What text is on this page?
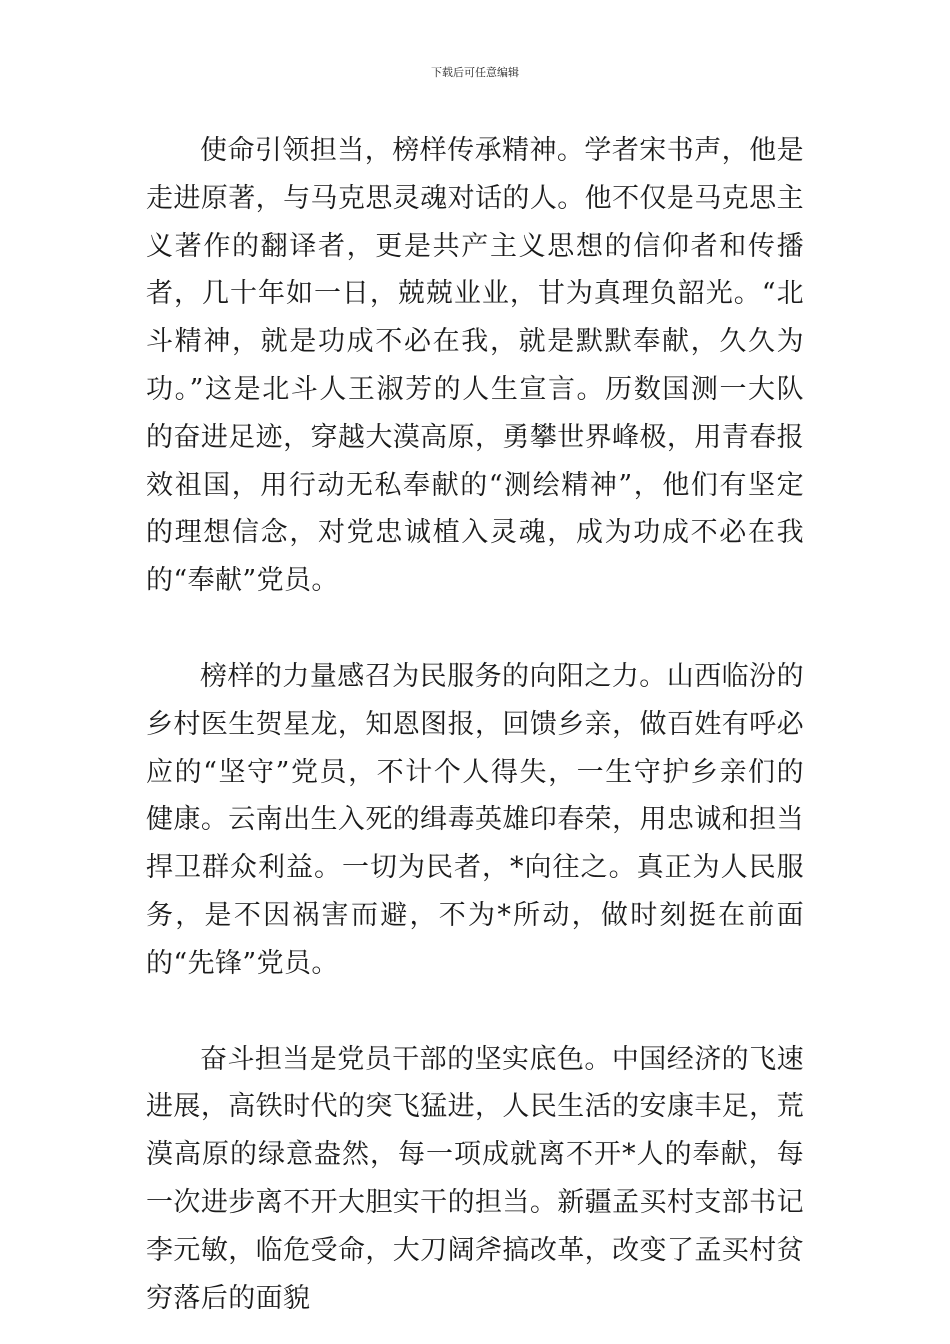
下载后可任意编辑

使命引领担当，榜样传承精神。学者宋书声，他是走进原著，与马克思灵魂对话的人。他不仅是马克思主义著作的翻译者，更是共产主义思想的信仰者和传播者，几十年如一日，兢兢业业，甘为真理负韶光。“北斗精神，就是功成不必在我，就是默默奉献，久久为功。”这是北斗人王淑芳的人生宣言。历数国测一大队的奋进足迹，穿越大漠高原，勇攀世界峰极，用青春报效祖国，用行动无私奉献的“测绘精神”，他们有坚定的理想信念，对党忠诚植入灵魂，成为功成不必在我的“奉献”党员。

榜样的力量感召为民服务的向阳之力。山西临汾的乡村医生贺星龙，知恩图报，回馈乡亲，做百姓有呼必应的“坚守”党员，不计个人得失，一生守护乡亲们的健康。云南出生入死的缉毒英雄印春荣，用忠诚和担当捍卫群众利益。一切为民者，*向往之。真正为人民服务，是不因祸害而避，不为*所动，做时刻挺在前面的“先锋”党员。

奋斗担当是党员干部的坚实底色。中国经济的飞速进展，高铁时代的突飞猛进，人民生活的安康丰足，荒漠高原的绿意盎然，每一项成就离不开*人的奉献，每一次进步离不开大胆实干的担当。新疆孟买村支部书记李元敏，临危受命，大刀阔斧搞改革，改变了孟买村贫穷落后的面貌
